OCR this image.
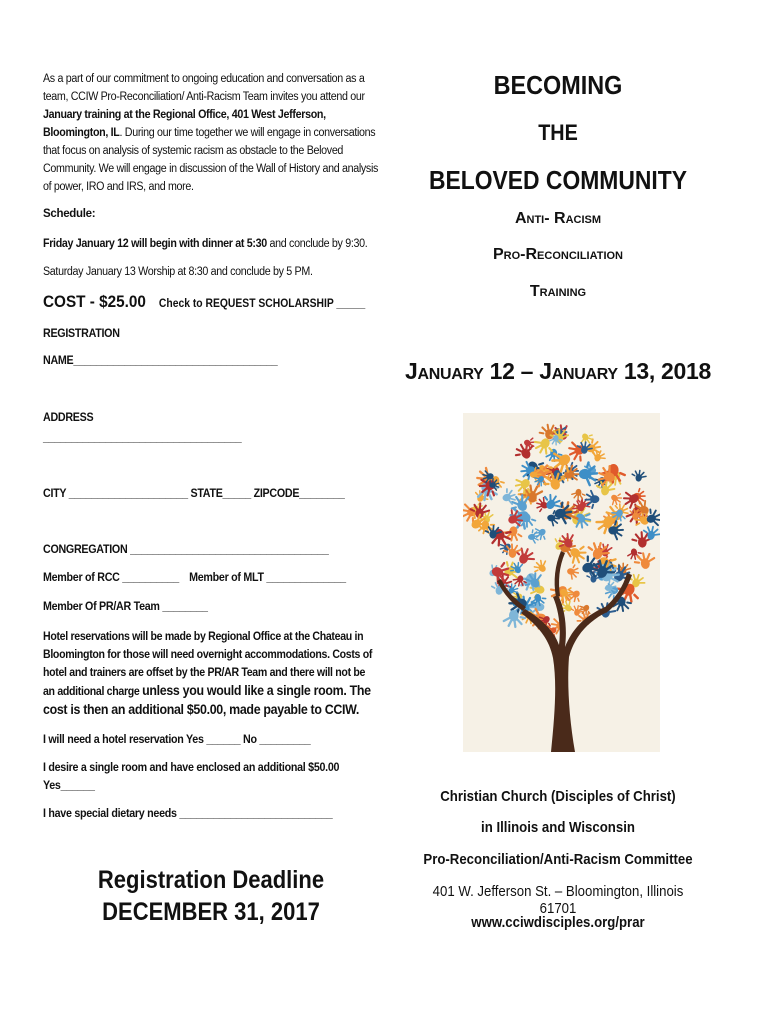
As a part of our commitment to ongoing education and conversation as a team, CCIW Pro-Reconciliation/ Anti-Racism Team invites you attend our January training at the Regional Office, 401 West Jefferson, Bloomington, IL. During our time together we will engage in conversations that focus on analysis of systemic racism as obstacle to the Beloved Community. We will engage in discussion of the Wall of History and analysis of power, IRO and IRS, and more.
Schedule:
Friday January 12 will begin with dinner at 5:30 and conclude by 9:30.
Saturday January 13 Worship at 8:30 and conclude by 5 PM.
COST - $25.00 Check to REQUEST SCHOLARSHIP _____
REGISTRATION
NAME____________________________________
ADDRESS
___________________________________
CITY _____________________ STATE_____ ZIPCODE________
CONGREGATION ___________________________________
Member of RCC __________ Member of MLT ______________
Member Of PR/AR Team ________
Hotel reservations will be made by Regional Office at the Chateau in Bloomington for those will need overnight accommodations. Costs of hotel and trainers are offset by the PR/AR Team and there will not be an additional charge unless you would like a single room. The cost is then an additional $50.00, made payable to CCIW.
I will need a hotel reservation Yes ______ No _________
I desire a single room and have enclosed an additional $50.00
Yes______
I have special dietary needs ___________________________
Registration Deadline
DECEMBER 31, 2017
BECOMING
THE
BELOVED COMMUNITY
Anti- Racism
Pro-Reconciliation
Training
January 12 – January 13, 2018
Christian Church (Disciples of Christ)
in Illinois and Wisconsin
Pro-Reconciliation/Anti-Racism Committee
401 W. Jefferson St. – Bloomington, Illinois 61701
www.cciwdisciples.org/prar
